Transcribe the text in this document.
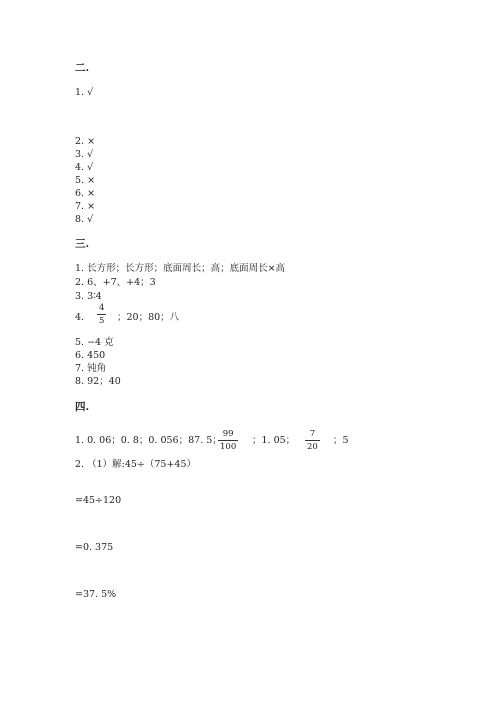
二.
1. √
2. ×
3. √
4. √
5. ×
6. ×
7. ×
8. √
三.
1. 长方形；长方形；底面周长；高；底面周长×高
2. 6、+7、+4；3
3. 3∶4
4.
4
5 ；20；80；八
5. −4 克
6. 450
7. 钝角
8. 92；40
四.
1. 0. 06；0. 8；0. 056；87. 5；
99
100
；1. 05；
7
20
；5
2. （1）解:45÷（75+45）
=45÷120
=0. 375
=37. 5%
